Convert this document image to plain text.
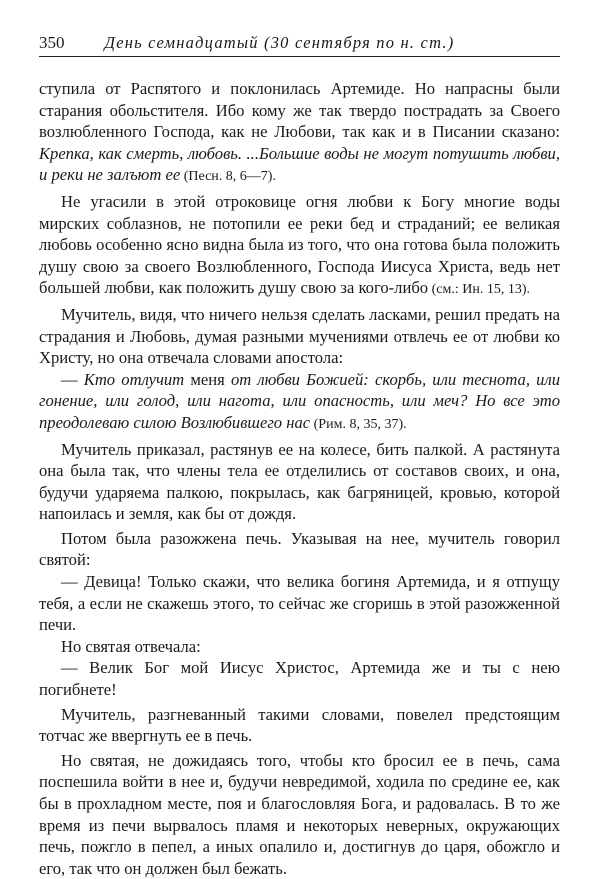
350 День семнадцатый (30 сентября по н. ст.)

ступила от Распятого и поклонилась Артемиде. Но напрасны были старания обольстителя. Ибо кому же так твердо пострадать за Своего возлюбленного Господа, как не Любови, так как и в Писании сказано: Крепка, как смерть, любовь. ...Большие воды не могут потушить любви, и реки не залъют ее (Песн. 8, 6—7).

Не угасили в этой отроковице огня любви к Богу многие воды мирских соблазнов, не потопили ее реки бед и страданий; ее великая любовь особенно ясно видна была из того, что она готова была положить душу свою за своего Возлюбленного, Господа Иисуса Христа, ведь нет большей любви, как положить душу свою за кого-либо (см.: Ин. 15, 13).

Мучитель, видя, что ничего нельзя сделать ласками, решил предать на страдания и Любовь, думая разными мучениями отвлечь ее от любви ко Христу, но она отвечала словами апостола:

— Кто отлучит меня от любви Божией: скорбь, или теснота, или гонение, или голод, или нагота, или опасность, или меч? Но все это преодолеваю силою Возлюбившего нас (Рим. 8, 35, 37).

Мучитель приказал, растянув ее на колесе, бить палкой. А растянута она была так, что члены тела ее отделились от составов своих, и она, будучи ударяема палкою, покрылась, как багряницей, кровью, которой напоилась и земля, как бы от дождя.

Потом была разожжена печь. Указывая на нее, мучитель говорил святой:

— Девица! Только скажи, что велика богиня Артемида, и я отпущу тебя, а если не скажешь этого, то сейчас же сгоришь в этой разожженной печи.

Но святая отвечала:

— Велик Бог мой Иисус Христос, Артемида же и ты с нею погибнете!

Мучитель, разгневанный такими словами, повелел предстоящим тотчас же ввергнуть ее в печь.

Но святая, не дожидаясь того, чтобы кто бросил ее в печь, сама поспешила войти в нее и, будучи невредимой, ходила по средине ее, как бы в прохладном месте, поя и благословляя Бога, и радовалась. В то же время из печи вырвалось пламя и некоторых неверных, окружающих печь, пожгло в пепел, а иных опалило и, достигнув до царя, обожгло и его, так что он должен был бежать.
